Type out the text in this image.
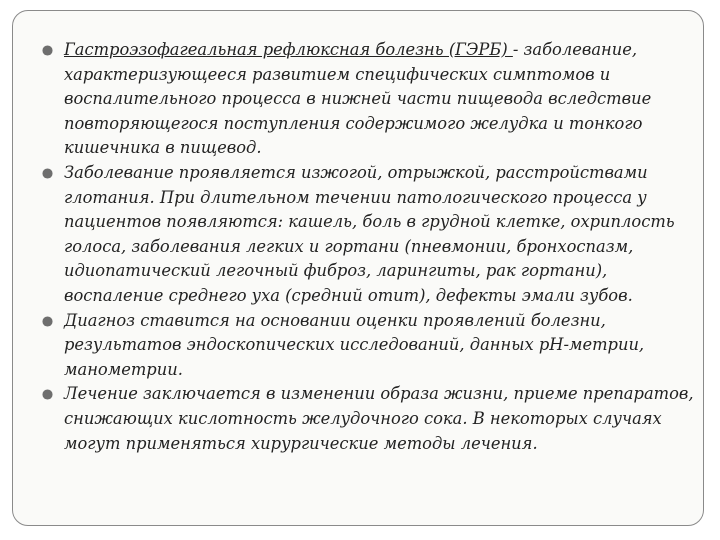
Гастроэзофагеальная рефлюксная болезнь (ГЭРБ) - заболевание, характеризующееся развитием специфических симптомов и воспалительного процесса в нижней части пищевода вследствие повторяющегося поступления содержимого желудка и тонкого кишечника в пищевод.
Заболевание проявляется изжогой, отрыжкой, расстройствами глотания. При длительном течении патологического процесса у пациентов появляются: кашель, боль в грудной клетке, охриплость голоса, заболевания легких и гортани (пневмонии, бронхоспазм, идиопатический легочный фиброз, ларингиты, рак гортани), воспаление среднего уха (средний отит), дефекты эмали зубов.
Диагноз ставится на основании оценки проявлений болезни, результатов эндоскопических исследований, данных pH-метрии, манометрии.
Лечение заключается в изменении образа жизни, приеме препаратов, снижающих кислотность желудочного сока. В некоторых случаях могут применяться хирургические методы лечения.
